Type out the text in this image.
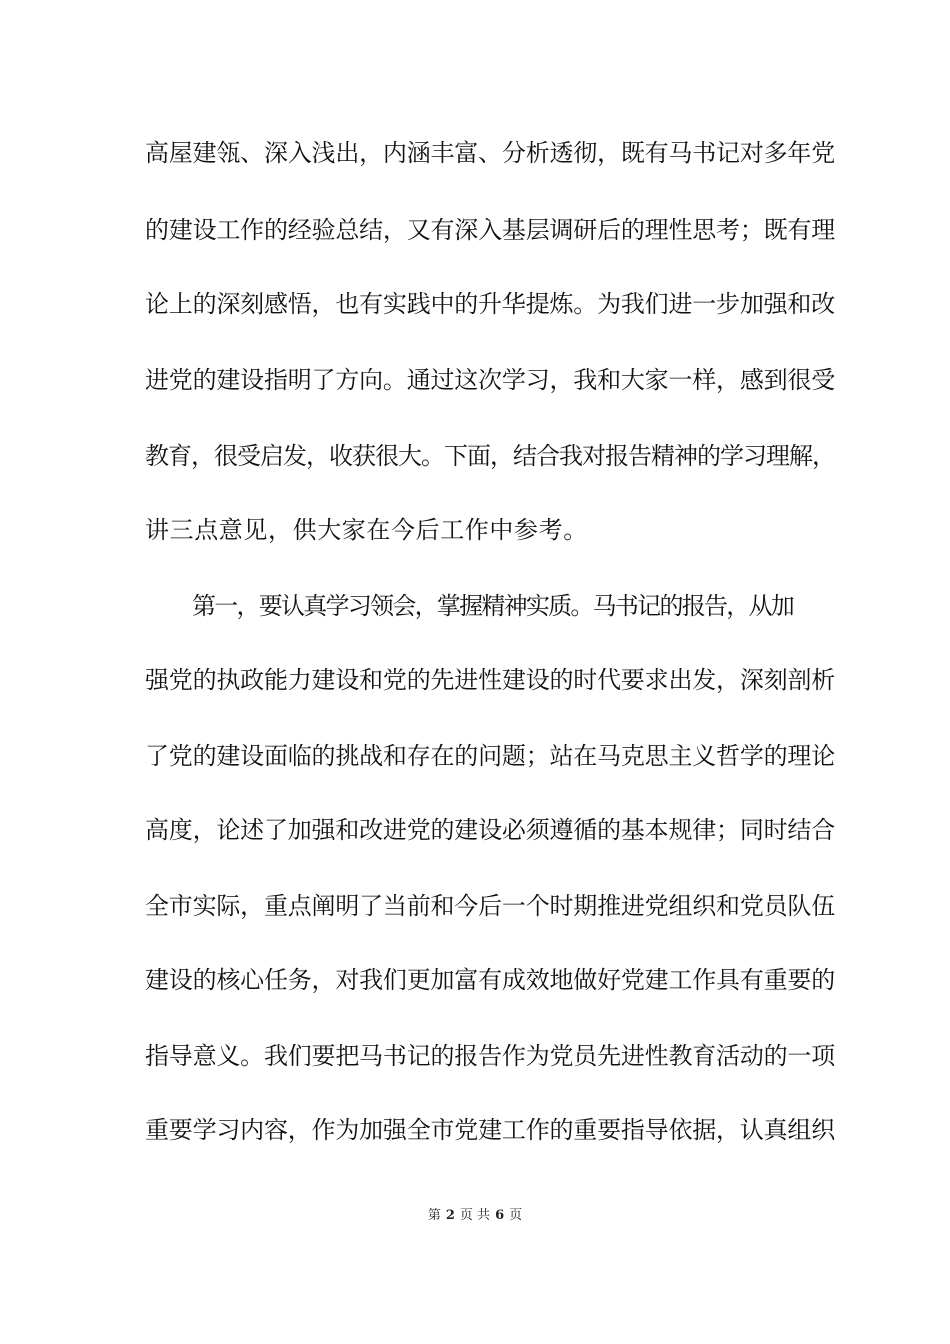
高屋建瓴、深入浅出，内涵丰富、分析透彻，既有马书记对多年党
的建设工作的经验总结，又有深入基层调研后的理性思考；既有理
论上的深刻感悟，也有实践中的升华提炼。为我们进一步加强和改
进党的建设指明了方向。通过这次学习，我和大家一样，感到很受
教育，很受启发，收获很大。下面，结合我对报告精神的学习理解，
讲三点意见，供大家在今后工作中参考。
第一，要认真学习领会，掌握精神实质。马书记的报告，从加
强党的执政能力建设和党的先进性建设的时代要求出发，深刻剖析
了党的建设面临的挑战和存在的问题；站在马克思主义哲学的理论
高度，论述了加强和改进党的建设必须遵循的基本规律；同时结合
全市实际，重点阐明了当前和今后一个时期推进党组织和党员队伍
建设的核心任务，对我们更加富有成效地做好党建工作具有重要的
指导意义。我们要把马书记的报告作为党员先进性教育活动的一项
重要学习内容，作为加强全市党建工作的重要指导依据，认真组织
第 2 页 共 6 页
